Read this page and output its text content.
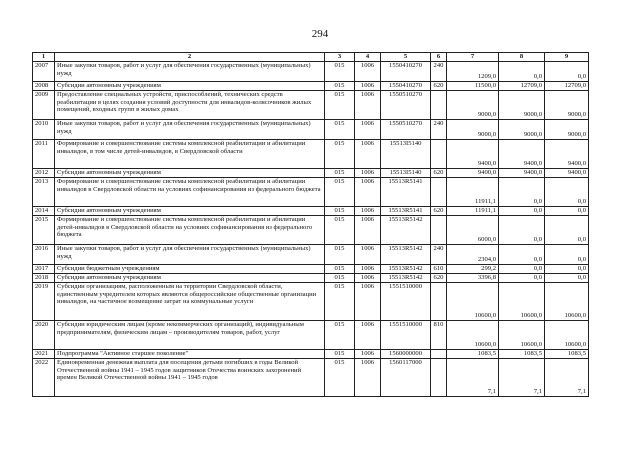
294
1	2	3	4	5	6	7	8	9
2007	Иные закупки товаров, работ и услуг для обеспечения государственных (муниципальных) нужд	015	1006	1550410270	240	1209,0	0,0	0,0
2008	Субсидии автономным учреждениям	015	1006	1550410270	620	11500,0	12709,0	12709,0
2009	Предоставление специальных устройств, приспособлений, технических средств реабилитации в целях создания условий доступности для инвалидов-колясочников жилых помещений, входных групп в жилых домах	015	1006	1550510270		9000,0	9000,0	9000,0
2010	Иные закупки товаров, работ и услуг для обеспечения государственных (муниципальных) нужд	015	1006	1550510270	240	9000,0	9000,0	9000,0
2011	Формирование и совершенствование системы комплексной реабилитации и абилитации инвалидов, в том числе детей-инвалидов, в Свердловской области	015	1006	15513I5140		9400,0	9400,0	9400,0
2012	Субсидии автономным учреждениям	015	1006	15513I5140	620	9400,0	9400,0	9400,0
2013	Формирование и совершенствование системы комплексной реабилитации и абилитации инвалидов в Свердловской области на условиях софинансирования из федерального бюджета	015	1006	15513R5141		11911,1	0,0	0,0
2014	Субсидии автономным учреждениям	015	1006	15513R5141	620	11911,1	0,0	0,0
2015	Формирование и совершенствование системы комплексной реабилитации и абилитации детей-инвалидов в Свердловской области на условиях софинансирования из федерального бюджета	015	1006	15513R5142		6000,0	0,0	0,0
2016	Иные закупки товаров, работ и услуг для обеспечения государственных (муниципальных) нужд	015	1006	15513R5142	240	2304,0	0,0	0,0
2017	Субсидии бюджетным учреждениям	015	1006	15513R5142	610	299,2	0,0	0,0
2018	Субсидии автономным учреждениям	015	1006	15513R5142	620	3396,8	0,0	0,0
2019	Субсидии организациям, расположенным на территории Свердловской области, единственным учредителем которых являются общероссийские общественные организации инвалидов, на частичное возмещение затрат на коммунальные услуги	015	1006	1551510000		10600,0	10600,0	10600,0
2020	Субсидии юридическим лицам (кроме некоммерческих организаций), индивидуальным предпринимателям, физическим лицам – производителям товаров, работ, услуг	015	1006	1551510000	810	10600,0	10600,0	10600,0
2021	Подпрограмма "Активное старшее поколение"	015	1006	1560000000		1083,5	1083,5	1083,5
2022	Единовременная денежная выплата для посещения детьми погибших в годы Великой Отечественной войны 1941 – 1945 годов защитников Отечества воинских захоронений времен Великой Отечественной войны 1941 – 1945 годов	015	1006	1560117000		7,1	7,1	7,1
